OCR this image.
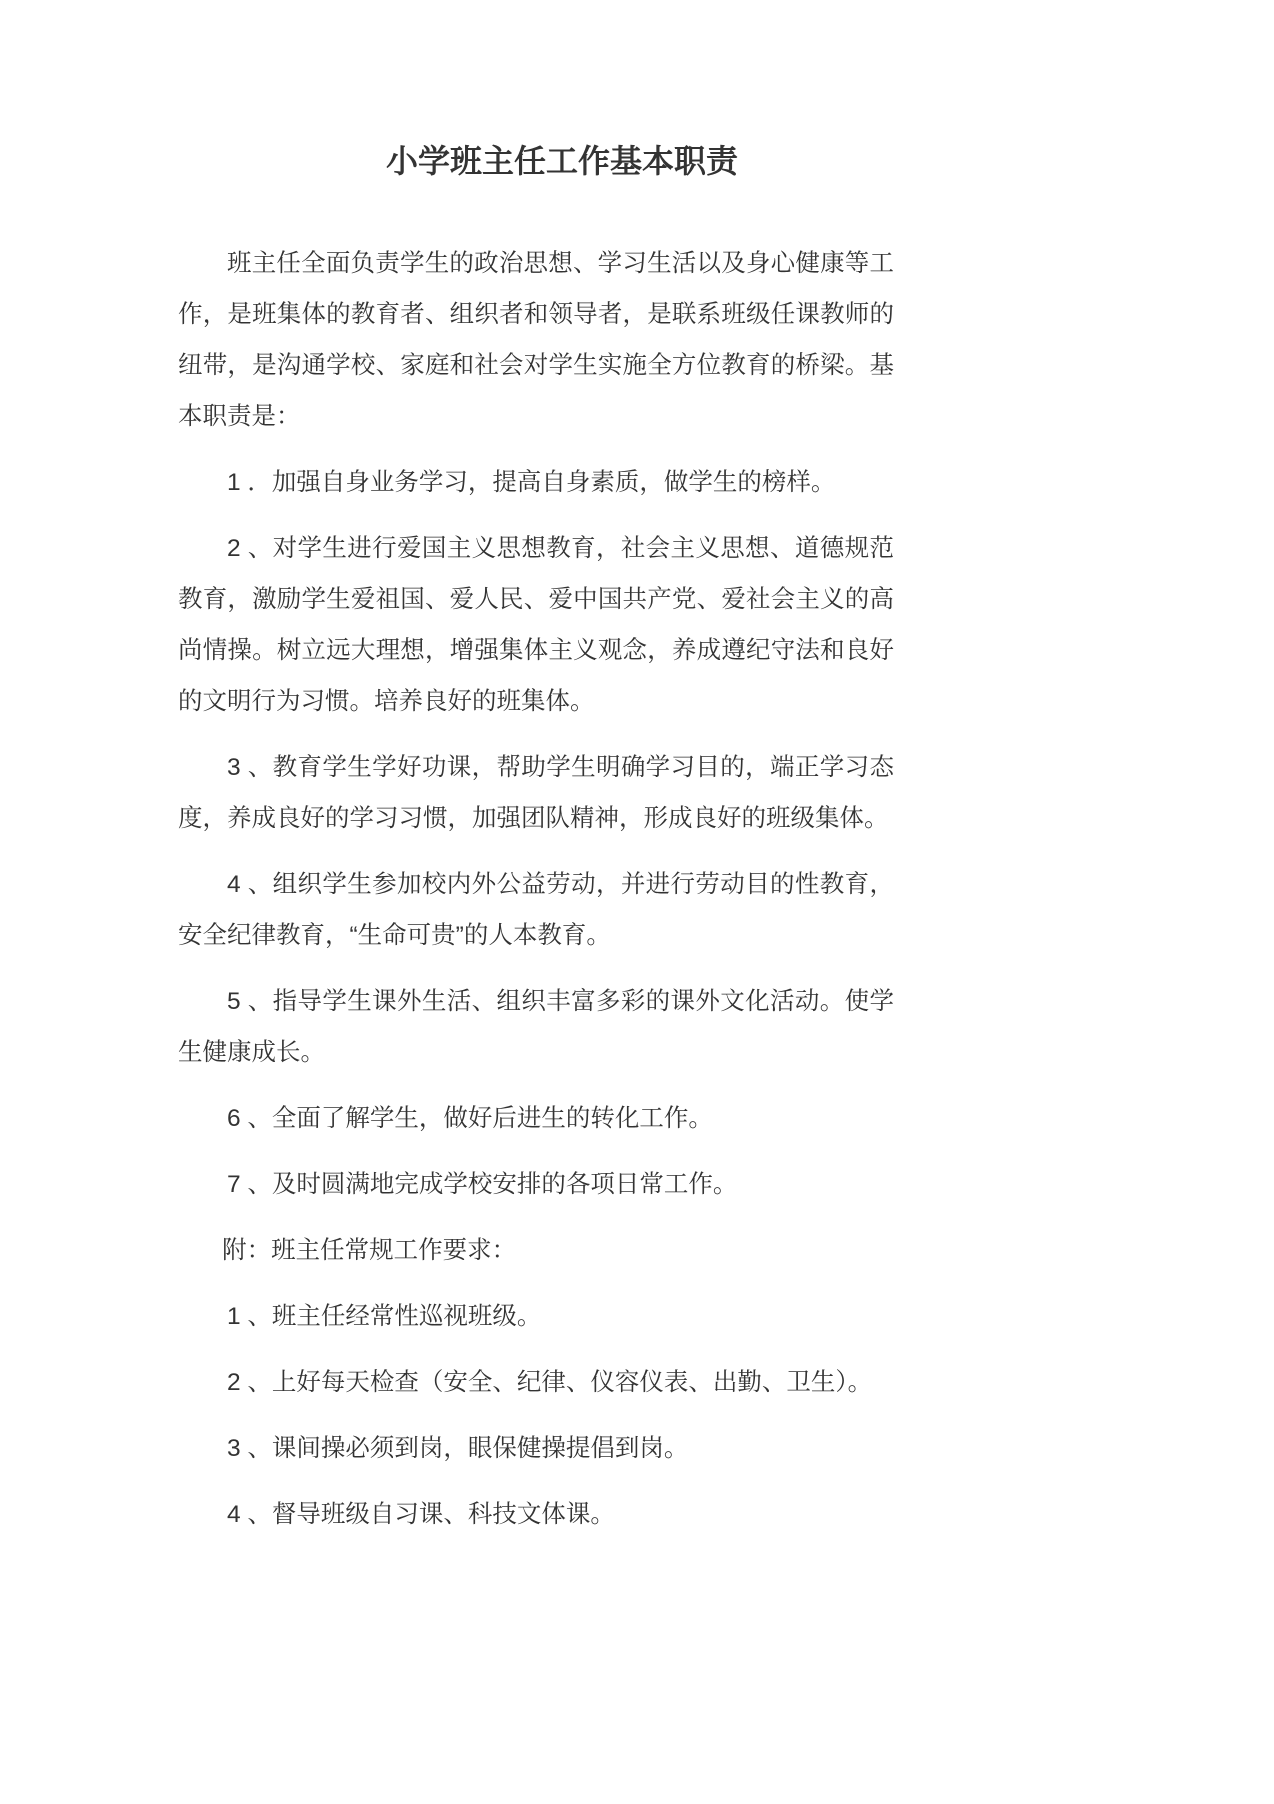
小学班主任工作基本职责

班主任全面负责学生的政治思想、学习生活以及身心健康等工作，是班集体的教育者、组织者和领导者，是联系班级任课教师的纽带，是沟通学校、家庭和社会对学生实施全方位教育的桥梁。基本职责是：

1 ．加强自身业务学习，提高自身素质，做学生的榜样。

2 、对学生进行爱国主义思想教育，社会主义思想、道德规范教育，激励学生爱祖国、爱人民、爱中国共产党、爱社会主义的高尚情操。树立远大理想，增强集体主义观念，养成遵纪守法和良好的文明行为习惯。培养良好的班集体。

3 、教育学生学好功课，帮助学生明确学习目的，端正学习态度，养成良好的学习习惯，加强团队精神，形成良好的班级集体。

4 、组织学生参加校内外公益劳动，并进行劳动目的性教育，安全纪律教育，“生命可贵”的人本教育。

5 、指导学生课外生活、组织丰富多彩的课外文化活动。使学生健康成长。

6 、全面了解学生，做好后进生的转化工作。

7 、及时圆满地完成学校安排的各项日常工作。

附：班主任常规工作要求：

1 、班主任经常性巡视班级。

2 、上好每天检查（安全、纪律、仪容仪表、出勤、卫生）。

3 、课间操必须到岗，眼保健操提倡到岗。

4 、督导班级自习课、科技文体课。
